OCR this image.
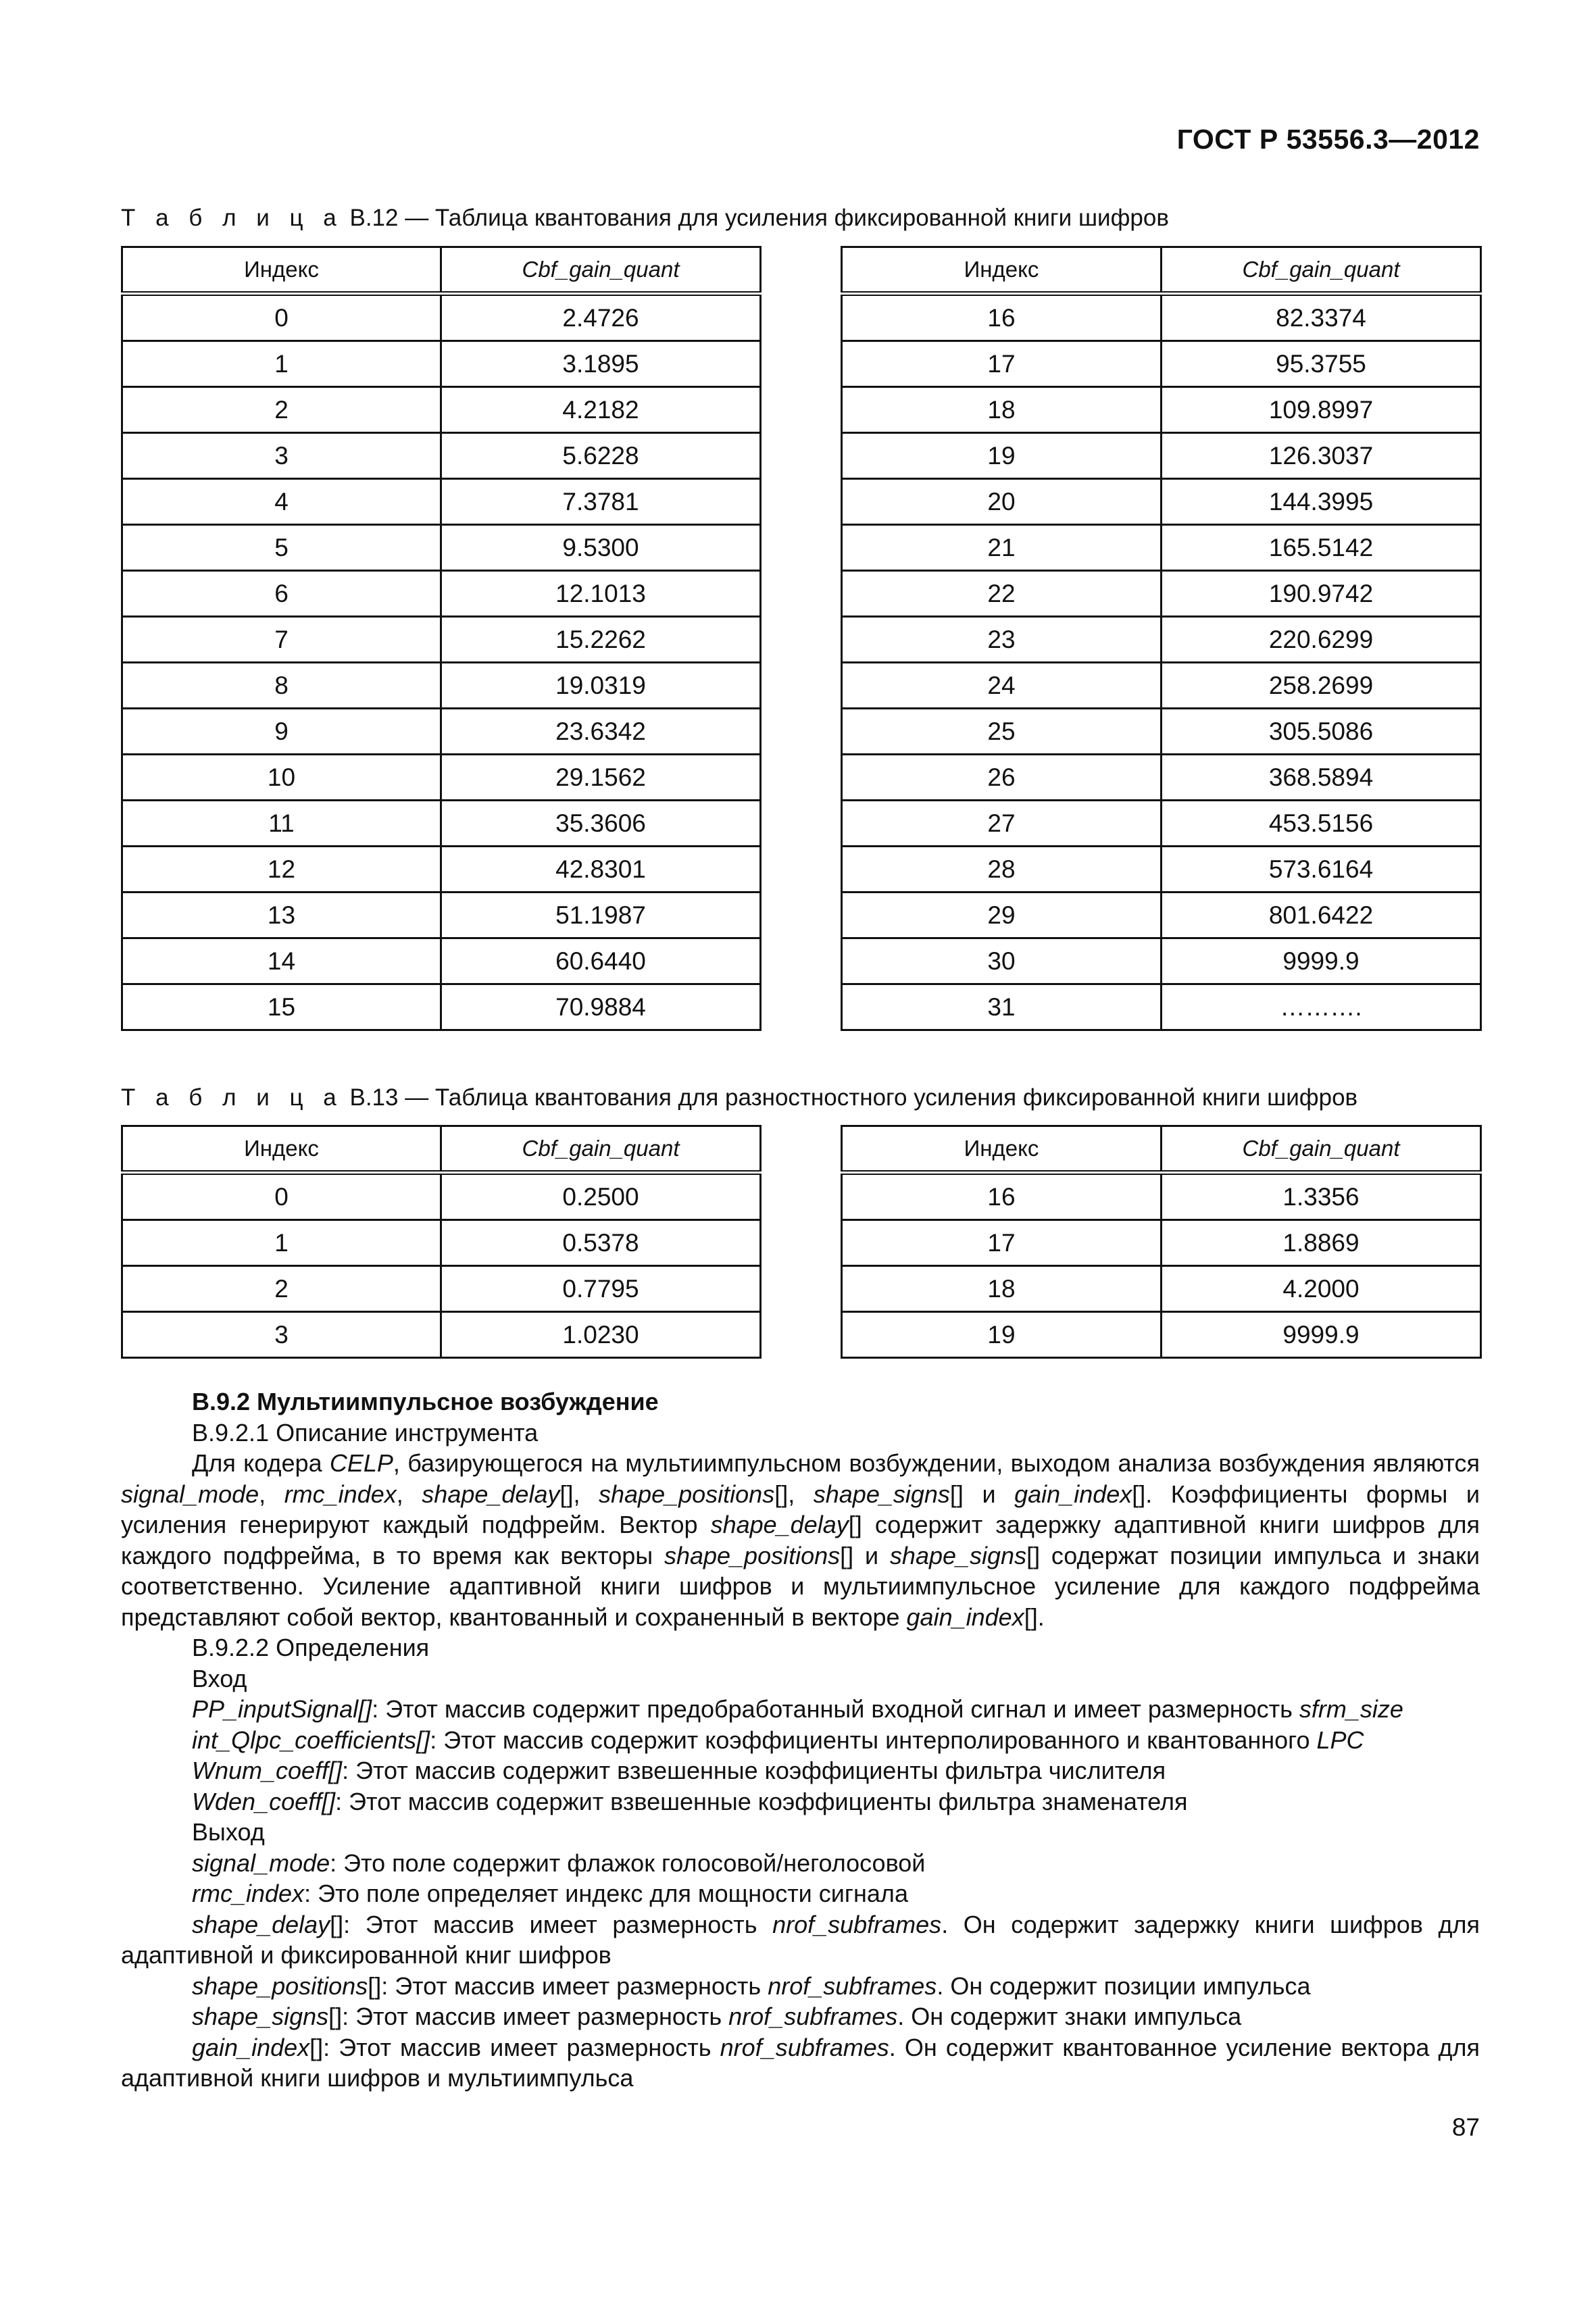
ГОСТ Р 53556.3—2012
Т а б л и ц а В.12 — Таблица квантования для усиления фиксированной книги шифров
Индекс	Cbf_gain_quant
0	2.4726
1	3.1895
2	4.2182
3	5.6228
4	7.3781
5	9.5300
6	12.1013
7	15.2262
8	19.0319
9	23.6342
10	29.1562
11	35.3606
12	42.8301
13	51.1987
14	60.6440
15	70.9884
Индекс	Cbf_gain_quant
16	82.3374
17	95.3755
18	109.8997
19	126.3037
20	144.3995
21	165.5142
22	190.9742
23	220.6299
24	258.2699
25	305.5086
26	368.5894
27	453.5156
28	573.6164
29	801.6422
30	9999.9
31	……….
Т а б л и ц а В.13 — Таблица квантования для разностностного усиления фиксированной книги шифров
Индекс	Cbf_gain_quant
0	0.2500
1	0.5378
2	0.7795
3	1.0230
Индекс	Cbf_gain_quant
16	1.3356
17	1.8869
18	4.2000
19	9999.9

В.9.2 Мультиимпульсное возбуждение

В.9.2.1 Описание инструмента

Для кодера CELP, базирующегося на мультиимпульсном возбуждении, выходом анализа возбуждения являются signal_mode, rmc_index, shape_delay[], shape_positions[], shape_signs[] и gain_index[]. Коэффициенты формы и усиления генерируют каждый подфрейм. Вектор shape_delay[] содержит задержку адаптивной книги шифров для каждого подфрейма, в то время как векторы shape_positions[] и shape_signs[] содержат позиции импульса и знаки соответственно. Усиление адаптивной книги шифров и мультиимпульсное усиление для каждого подфрейма представляют собой вектор, квантованный и сохраненный в векторе gain_index[].

В.9.2.2 Определения

Вход

PP_inputSignal[]: Этот массив содержит предобработанный входной сигнал и имеет размерность sfrm_size

int_Qlpc_coefficients[]: Этот массив содержит коэффициенты интерполированного и квантованного LPC

Wnum_coeff[]: Этот массив содержит взвешенные коэффициенты фильтра числителя

Wden_coeff[]: Этот массив содержит взвешенные коэффициенты фильтра знаменателя

Выход

signal_mode: Это поле содержит флажок голосовой/неголосовой

rmc_index: Это поле определяет индекс для мощности сигнала

shape_delay[]: Этот массив имеет размерность nrof_subframes. Он содержит задержку книги шифров для адаптивной и фиксированной книг шифров

shape_positions[]: Этот массив имеет размерность nrof_subframes. Он содержит позиции импульса

shape_signs[]: Этот массив имеет размерность nrof_subframes. Он содержит знаки импульса

gain_index[]: Этот массив имеет размерность nrof_subframes. Он содержит квантованное усиление вектора для адаптивной книги шифров и мультиимпульса

87
